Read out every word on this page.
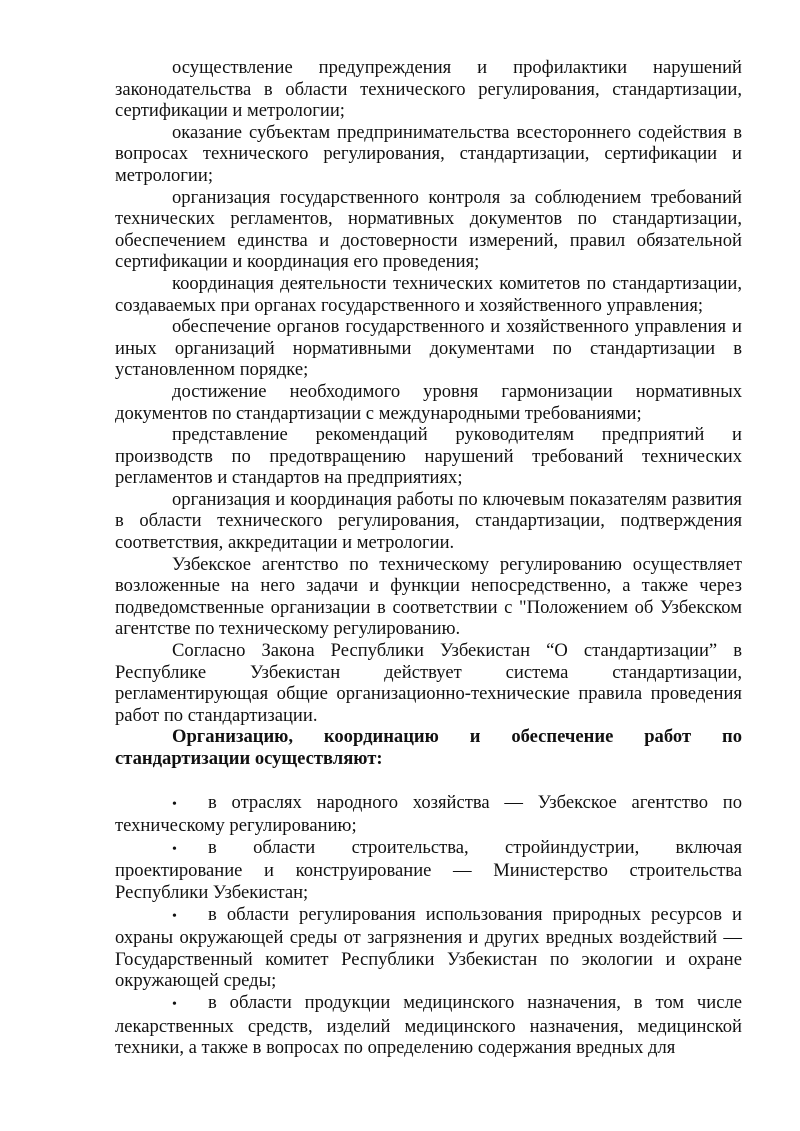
осуществление предупреждения и профилактики нарушений законодательства в области технического регулирования, стандартизации, сертификации и метрологии;

оказание субъектам предпринимательства всестороннего содействия в вопросах технического регулирования, стандартизации, сертификации и метрологии;

организация государственного контроля за соблюдением требований технических регламентов, нормативных документов по стандартизации, обеспечением единства и достоверности измерений, правил обязательной сертификации и координация его проведения;

координация деятельности технических комитетов по стандартизации, создаваемых при органах государственного и хозяйственного управления;

обеспечение органов государственного и хозяйственного управления и иных организаций нормативными документами по стандартизации в установленном порядке;

достижение необходимого уровня гармонизации нормативных документов по стандартизации с международными требованиями;

представление рекомендаций руководителям предприятий и производств по предотвращению нарушений требований технических регламентов и стандартов на предприятиях;

организация и координация работы по ключевым показателям развития в области технического регулирования, стандартизации, подтверждения соответствия, аккредитации и метрологии.

Узбекское агентство по техническому регулированию осуществляет возложенные на него задачи и функции непосредственно, а также через подведомственные организации в соответствии с "Положением об Узбекском агентстве по техническому регулированию.

Согласно Закона Республики Узбекистан “О стандартизации” в Республике Узбекистан действует система стандартизации, регламентирующая общие организационно-технические правила проведения работ по стандартизации.

Организацию, координацию и обеспечение работ по стандартизации осуществляют:

• в отраслях народного хозяйства — Узбекское агентство по техническому регулированию;
• в области строительства, стройиндустрии, включая проектирование и конструирование — Министерство строительства Республики Узбекистан;
• в области регулирования использования природных ресурсов и охраны окружающей среды от загрязнения и других вредных воздействий — Государственный комитет Республики Узбекистан по экологии и охране окружающей среды;
• в области продукции медицинского назначения, в том числе лекарственных средств, изделий медицинского назначения, медицинской техники, а также в вопросах по определению содержания вредных для
